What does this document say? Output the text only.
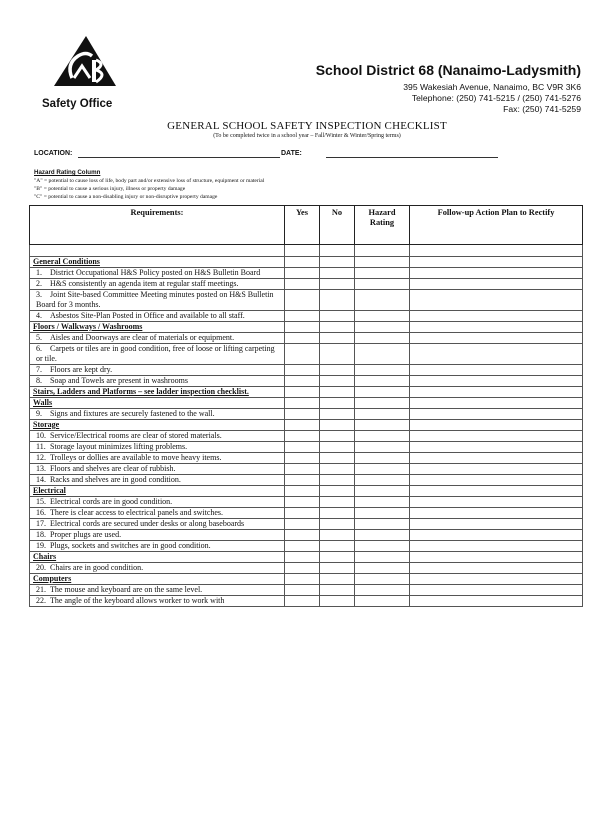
Safety Office
School District 68 (Nanaimo-Ladysmith)
395 Wakesiah Avenue, Nanaimo, BC V9R 3K6
Telephone: (250) 741-5215 / (250) 741-5276
Fax: (250) 741-5259
GENERAL SCHOOL SAFETY INSPECTION CHECKLIST
(To be completed twice in a school year – Fall/Winter & Winter/Spring terms)
LOCATION:	DATE:
Hazard Rating Column
"A" = potential to cause loss of life, body part and/or extensive loss of structure, equipment or material
"B" = potential to cause a serious injury, illness or property damage
"C" = potential to cause a non-disabling injury or non-disruptive property damage
Requirements:	Yes	No	Hazard Rating	Follow-up Action Plan to Rectify

General Conditions				
1. District Occupational H&S Policy posted on H&S Bulletin Board				
2. H&S consistently an agenda item at regular staff meetings.				
3. Joint Site-based Committee Meeting minutes posted on H&S Bulletin Board for 3 months.				
4. Asbestos Site-Plan Posted in Office and available to all staff.				
Floors / Walkways / Washrooms				
5. Aisles and Doorways are clear of materials or equipment.				
6. Carpets or tiles are in good condition, free of loose or lifting carpeting or tile.				
7. Floors are kept dry.				
8. Soap and Towels are present in washrooms				
Stairs, Ladders and Platforms – see ladder inspection checklist.				
Walls				
9. Signs and fixtures are securely fastened to the wall.				
Storage				
10. Service/Electrical rooms are clear of stored materials.				
11. Storage layout minimizes lifting problems.				
12. Trolleys or dollies are available to move heavy items.				
13. Floors and shelves are clear of rubbish.				
14. Racks and shelves are in good condition.				
Electrical				
15. Electrical cords are in good condition.				
16. There is clear access to electrical panels and switches.				
17. Electrical cords are secured under desks or along baseboards				
18. Proper plugs are used.				
19. Plugs, sockets and switches are in good condition.				
Chairs				
20. Chairs are in good condition.				
Computers				
21. The mouse and keyboard are on the same level.				
22. The angle of the keyboard allows worker to work with				
